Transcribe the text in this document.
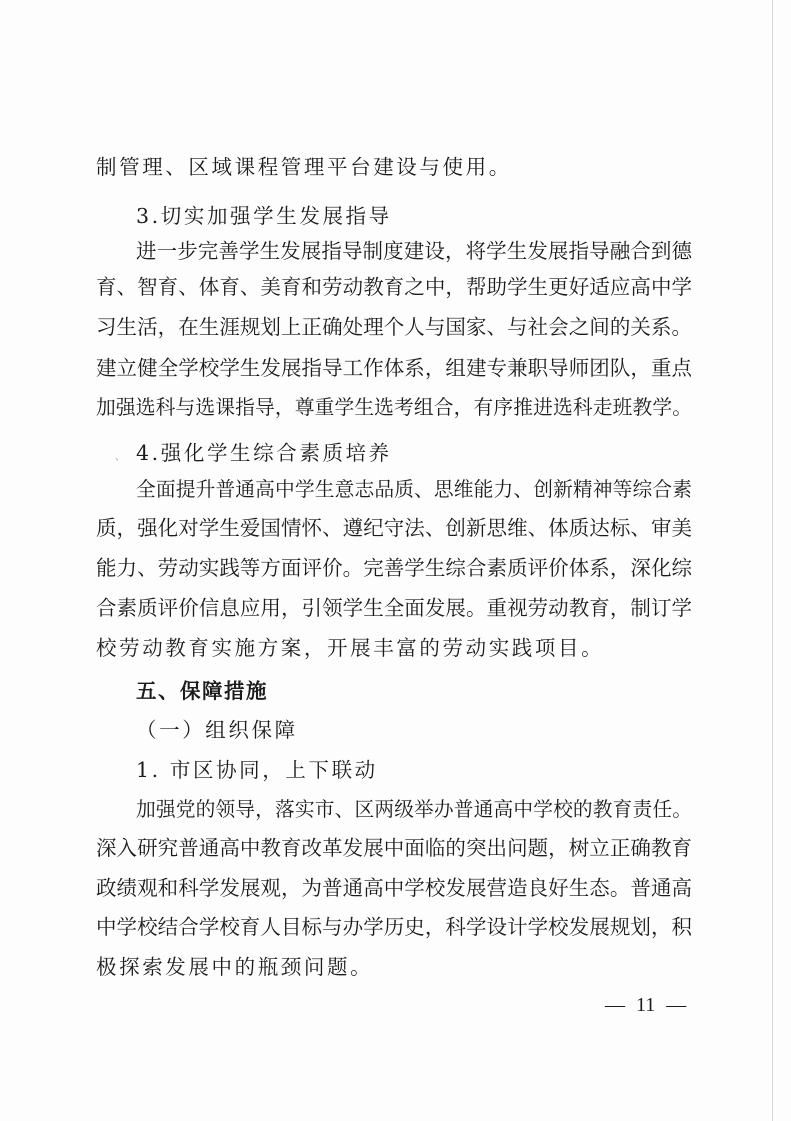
制管理、区域课程管理平台建设与使用。
3.切实加强学生发展指导
进一步完善学生发展指导制度建设，将学生发展指导融合到德
育、智育、体育、美育和劳动教育之中，帮助学生更好适应高中学
习生活，在生涯规划上正确处理个人与国家、与社会之间的关系。
建立健全学校学生发展指导工作体系，组建专兼职导师团队，重点
加强选科与选课指导，尊重学生选考组合，有序推进选科走班教学。
、 4.强化学生综合素质培养
全面提升普通高中学生意志品质、思维能力、创新精神等综合素
质，强化对学生爱国情怀、遵纪守法、创新思维、体质达标、审美
能力、劳动实践等方面评价。完善学生综合素质评价体系，深化综
合素质评价信息应用，引领学生全面发展。重视劳动教育，制订学
校劳动教育实施方案，开展丰富的劳动实践项目。
五、保障措施
（一）组织保障
1. 市区协同，上下联动
加强党的领导，落实市、区两级举办普通高中学校的教育责任。
深入研究普通高中教育改革发展中面临的突出问题，树立正确教育
政绩观和科学发展观，为普通高中学校发展营造良好生态。普通高
中学校结合学校育人目标与办学历史，科学设计学校发展规划，积
极探索发展中的瓶颈问题。
— 11 —
